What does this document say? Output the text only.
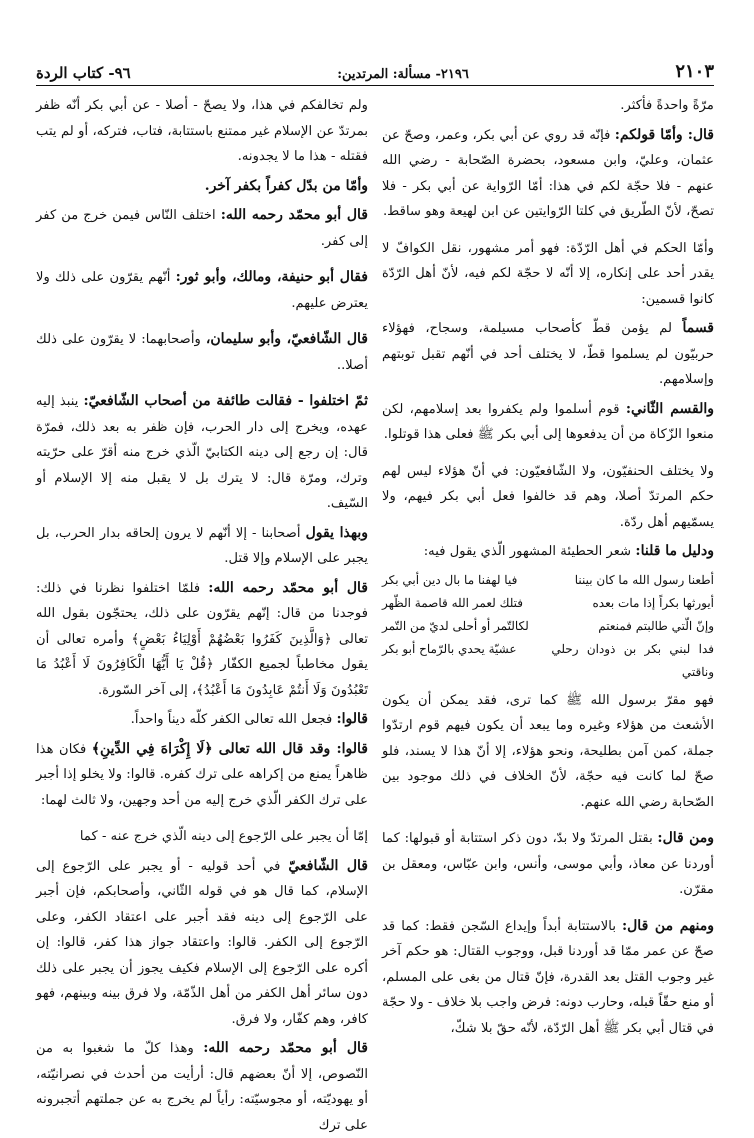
٢١٠٣
٢١٩٦- مسألة: المرتدين:
٩٦- كتاب الردة

مرّةً واحدةً فأكثر.

قال: وأمّا قولكم: فإنّه قد روي عن أبي بكر، وعمر، وصحّ عن عثمان، وعليّ، وابن مسعود، بحضرة الصّحابة - رضي الله عنهم - فلا حجّة لكم في هذا: أمّا الرّواية عن أبي بكر - فلا تصحّ، لأنّ الطّريق في كلتا الرّوايتين عن ابن لهيعة وهو ساقط.

وأمّا الحكم في أهل الرّدّة: فهو أمر مشهور، نقل الكوافّ لا يقدر أحد على إنكاره، إلا أنّه لا حجّة لكم فيه، لأنّ أهل الرّدّة كانوا قسمين:

قسماً لم يؤمن قطّ كأصحاب مسيلمة، وسجاح، فهؤلاء حربيّون لم يسلموا قطّ، لا يختلف أحد في أنّهم تقبل توبتهم وإسلامهم.

والقسم الثّاني: قوم أسلموا ولم يكفروا بعد إسلامهم، لكن منعوا الزّكاة من أن يدفعوها إلى أبي بكر ﷺ فعلى هذا قوتلوا.

ولا يختلف الحنفيّون، ولا الشّافعيّون: في أنّ هؤلاء ليس لهم حكم المرتدّ أصلا، وهم قد خالفوا فعل أبي بكر فيهم، ولا يسمّيهم أهل ردّة.

ودليل ما قلنا: شعر الحطيئة المشهور الّذي يقول فيه:

أطعنا رسول الله ما كان بيننا
فيا لهفنا ما بال دين أبي بكر
أيورثها بكراً إذا مات بعده
فتلك لعمر الله قاصمة الظّهر
وإنّ الّتي طالبتم فمنعتم
لكالتّمر أو أحلى لديّ من التّمر
فدا لبني بكر بن ذودان رحلي وناقتي
عشيّة يحدي بالرّماح أبو بكر

فهو مقرّ برسول الله ﷺ كما ترى، فقد يمكن أن يكون الأشعث من هؤلاء وغيره وما يبعد أن يكون فيهم قوم ارتدّوا جملة، كمن آمن بطليحة، ونحو هؤلاء، إلا أنّ هذا لا يسند، فلو صحّ لما كانت فيه حجّة، لأنّ الخلاف في ذلك موجود بين الصّحابة رضي الله عنهم.

ومن قال: بقتل المرتدّ ولا بدّ، دون ذكر استتابة أو قبولها: كما أوردنا عن معاذ، وأبي موسى، وأنس، وابن عبّاس، ومعقل بن مقرّن.

ومنهم من قال: بالاستتابة أبداً وإيداع السّجن فقط: كما قد صحّ عن عمر ممّا قد أوردنا قبل، ووجوب القتال: هو حكم آخر غير وجوب القتل بعد القدرة، فإنّ قتال من بغى على المسلم، أو منع حقّاً قبله، وحارب دونه: فرض واجب بلا خلاف - ولا حجّة في قتال أبي بكر ﷺ أهل الرّدّة، لأنّه حقّ بلا شكّ،

ولم تخالفكم في هذا، ولا يصحّ - أصلا - عن أبي بكر أنّه ظفر بمرتدّ عن الإسلام غير ممتنع باستتابة، فتاب، فتركه، أو لم يتب فقتله - هذا ما لا يجدونه.

وأمّا من بدّل كفراً بكفر آخر.

قال أبو محمّد رحمه الله: اختلف النّاس فيمن خرج من كفر إلى كفر.

فقال أبو حنيفة، ومالك، وأبو ثور: أنّهم يقرّون على ذلك ولا يعترض عليهم.

قال الشّافعيّ، وأبو سليمان، وأصحابهما: لا يقرّون على ذلك أصلا..

ثمّ اختلفوا - فقالت طائفة من أصحاب الشّافعيّ: ينبذ إليه عهده، ويخرج إلى دار الحرب، فإن ظفر به بعد ذلك، فمرّة قال: إن رجع إلى دينه الكتابيّ الّذي خرج منه أقرّ على حرّيته وترك، ومرّة قال: لا يترك بل لا يقبل منه إلا الإسلام أو السّيف.

وبهذا يقول أصحابنا - إلا أنّهم لا يرون إلحاقه بدار الحرب، بل يجبر على الإسلام وإلا قتل.

قال أبو محمّد رحمه الله: فلمّا اختلفوا نظرنا في ذلك: فوجدنا من قال: إنّهم يقرّون على ذلك، يحتجّون بقول الله تعالى ﴿وَالَّذِينَ كَفَرُوا بَعْضُهُمْ أَوْلِيَاءُ بَعْضٍ﴾ وأمره تعالى أن يقول مخاطباً لجميع الكفّار ﴿قُلْ يَا أَيُّهَا الْكَافِرُونَ لَا أَعْبُدُ مَا تَعْبُدُونَ وَلَا أَنتُمْ عَابِدُونَ مَا أَعْبُدُ﴾، إلى آخر السّورة.

قالوا: فجعل الله تعالى الكفر كلّه ديناً واحداً.

قالوا: وقد قال الله تعالى ﴿لَا إِكْرَاهَ فِي الدِّينِ﴾ فكان هذا ظاهراً يمنع من إكراهه على ترك كفره. قالوا: ولا يخلو إذا أجبر على ترك الكفر الّذي خرج إليه من أحد وجهين، ولا ثالث لهما:

إمّا أن يجبر على الرّجوع إلى دينه الّذي خرج عنه - كما

قال الشّافعيّ في أحد قوليه - أو يجبر على الرّجوع إلى الإسلام، كما قال هو في قوله الثّاني، وأصحابكم، فإن أجبر على الرّجوع إلى دينه فقد أجبر على اعتقاد الكفر، وعلى الرّجوع إلى الكفر. قالوا: واعتقاد جواز هذا كفر، قالوا: إن أكره على الرّجوع إلى الإسلام فكيف يجوز أن يجبر على ذلك دون سائر أهل الكفر من أهل الذّمّة، ولا فرق بينه وبينهم، فهو كافر، وهم كفّار، ولا فرق.

قال أبو محمّد رحمه الله: وهذا كلّ ما شغبوا به من النّصوص، إلا أنّ بعضهم قال: أرأيت من أحدث في نصرانيّته، أو يهوديّته، أو مجوسيّته: رأياً لم يخرج به عن جملتهم أتجبرونه على ترك
